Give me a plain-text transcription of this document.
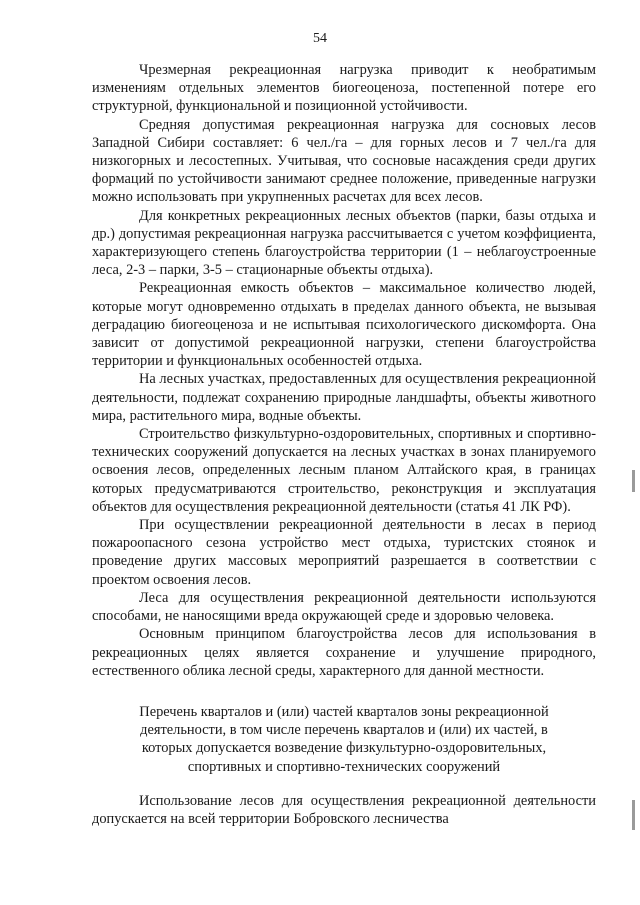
54

Чрезмерная рекреационная нагрузка приводит к необратимым изменениям отдельных элементов биогеоценоза, постепенной потере его структурной, функциональной и позиционной устойчивости.

Средняя допустимая рекреационная нагрузка для сосновых лесов Западной Сибири составляет: 6 чел./га – для горных лесов и 7 чел./га для низкогорных и лесостепных. Учитывая, что сосновые насаждения среди других формаций по устойчивости занимают среднее положение, приведенные нагрузки можно использовать при укрупненных расчетах для всех лесов.

Для конкретных рекреационных лесных объектов (парки, базы отдыха и др.) допустимая рекреационная нагрузка рассчитывается с учетом коэффициента, характеризующего степень благоустройства территории (1 – неблагоустроенные леса, 2-3 – парки, 3-5 – стационарные объекты отдыха).

Рекреационная емкость объектов – максимальное количество людей, которые могут одновременно отдыхать в пределах данного объекта, не вызывая деградацию биогеоценоза и не испытывая психологического дискомфорта. Она зависит от допустимой рекреационной нагрузки, степени благоустройства территории и функциональных особенностей отдыха.

На лесных участках, предоставленных для осуществления рекреационной деятельности, подлежат сохранению природные ландшафты, объекты животного мира, растительного мира, водные объекты.

Строительство физкультурно-оздоровительных, спортивных и спортивно-технических сооружений допускается на лесных участках в зонах планируемого освоения лесов, определенных лесным планом Алтайского края, в границах которых предусматриваются строительство, реконструкция и эксплуатация объектов для осуществления рекреационной деятельности (статья 41 ЛК РФ).

При осуществлении рекреационной деятельности в лесах в период пожароопасного сезона устройство мест отдыха, туристских стоянок и проведение других массовых мероприятий разрешается в соответствии с проектом освоения лесов.

Леса для осуществления рекреационной деятельности используются способами, не наносящими вреда окружающей среде и здоровью человека.

Основным принципом благоустройства лесов для использования в рекреационных целях является сохранение и улучшение природного, естественного облика лесной среды, характерного для данной местности.

Перечень кварталов и (или) частей кварталов зоны рекреационной
деятельности, в том числе перечень кварталов и (или) их частей, в
которых допускается возведение физкультурно-оздоровительных,
спортивных и спортивно-технических сооружений

Использование лесов для осуществления рекреационной деятельности допускается на всей территории Бобровского лесничества
